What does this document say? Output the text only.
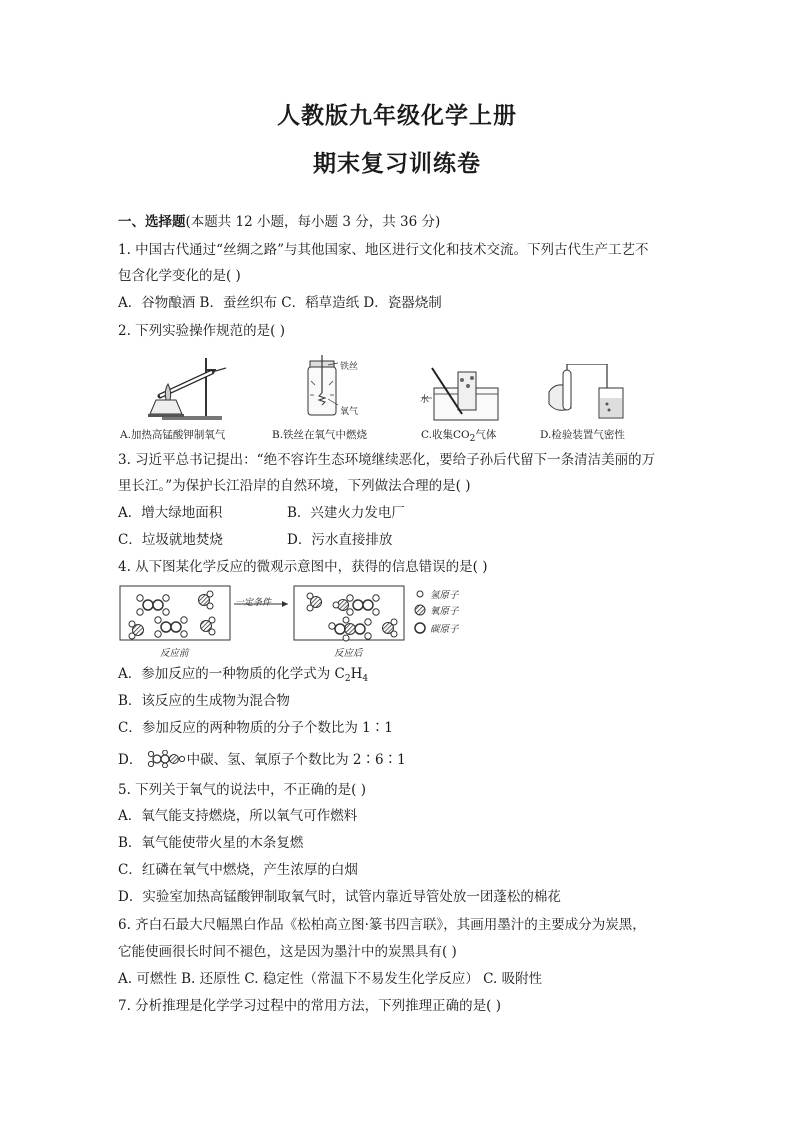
人教版九年级化学上册
期末复习训练卷
一、选择题(本题共 12 小题，每小题 3 分，共 36 分)
1. 中国古代通过“丝绸之路”与其他国家、地区进行文化和技术交流。下列古代生产工艺不
包含化学变化的是( )
A．谷物酿酒 B．蚕丝织布 C．稻草造纸 D．瓷器烧制
2. 下列实验操作规范的是( )
A.加热高锰酸钾制氧气
铁丝
氧气
B.铁丝在氧气中燃烧
水
C.收集$CO_2$气体	D.检验装置气密性
3. 习近平总书记提出：“绝不容许生态环境继续恶化，要给子孙后代留下一条清洁美丽的万
里长江。”为保护长江沿岸的自然环境，下列做法合理的是( )
A．增大绿地面积	B．兴建火力发电厂
C．垃圾就地焚烧	D．污水直接排放
4. 从下图某化学反应的微观示意图中，获得的信息错误的是( )
一定条件
反应前	反应后
氢原子
氧原子
碳原子
A．参加反应的一种物质的化学式为 $C_2H_4$
B．该反应的生成物为混合物
C．参加反应的两种物质的分子个数比为 1∶1
D．	中碳、氢、氧原子个数比为 2∶6∶1
5. 下列关于氧气的说法中，不正确的是( )
A．氧气能支持燃烧，所以氧气可作燃料
B．氧气能使带火星的木条复燃
C．红磷在氧气中燃烧，产生浓厚的白烟
D．实验室加热高锰酸钾制取氧气时，试管内靠近导管处放一团蓬松的棉花
6. 齐白石最大尺幅黑白作品《松柏高立图·篆书四言联》，其画用墨汁的主要成分为炭黑，
它能使画很长时间不褪色，这是因为墨汁中的炭黑具有( )
A. 可燃性 B. 还原性 C. 稳定性（常温下不易发生化学反应） C. 吸附性
7. 分析推理是化学学习过程中的常用方法，下列推理正确的是( )
